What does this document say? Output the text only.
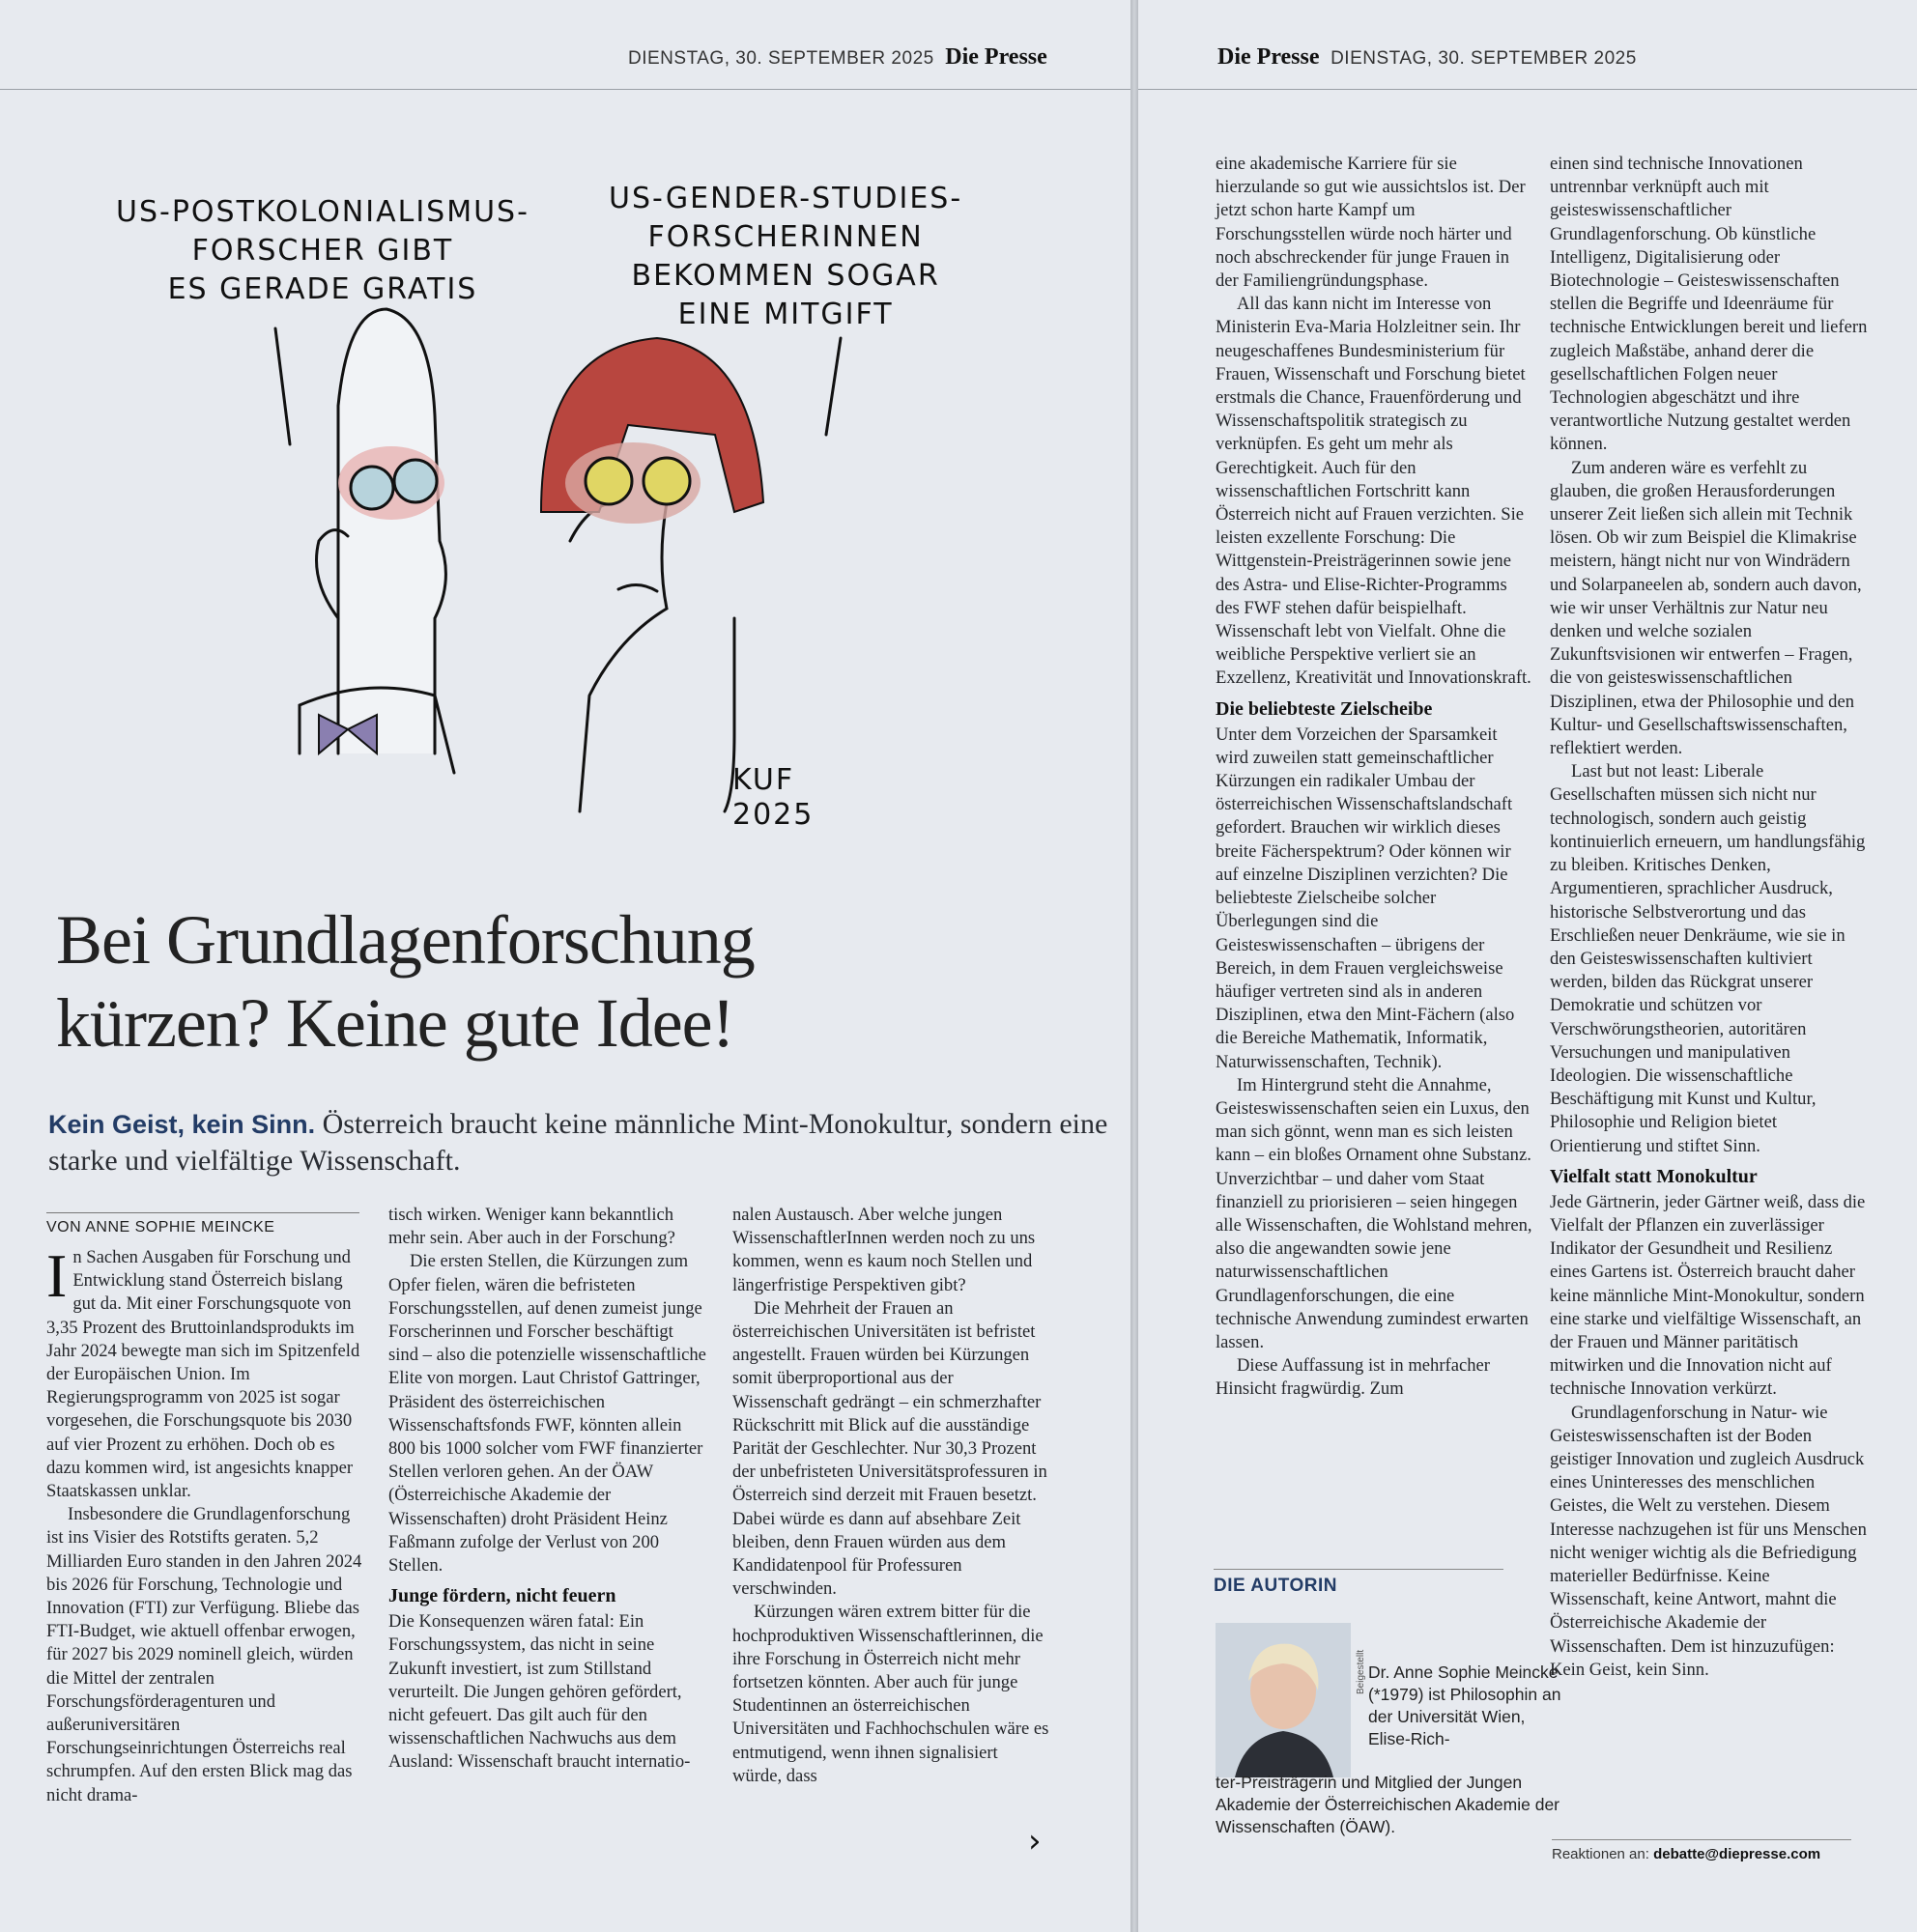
DIENSTAG, 30. SEPTEMBER 2025 Die Presse
US-POSTKOLONIALISMUS-
FORSCHER GIBT
ES GERADE GRATIS
US-GENDER-STUDIES-
FORSCHERINNEN
BEKOMMEN SOGAR
EINE MITGIFT
KUF
2025
Bei Grundlagenforschung
kürzen? Keine gute Idee!
Kein Geist, kein Sinn. Österreich braucht keine männliche Mint-Monokultur, sondern eine starke und vielfältige Wissenschaft.
VON ANNE SOPHIE MEINCKE

In Sachen Ausgaben für Forschung und Entwicklung stand Österreich bislang gut da. Mit einer Forschungsquote von 3,35 Prozent des Bruttoinlandsprodukts im Jahr 2024 bewegte man sich im Spitzenfeld der Europäischen Union. Im Regierungsprogramm von 2025 ist sogar vorgesehen, die Forschungsquote bis 2030 auf vier Prozent zu erhöhen. Doch ob es dazu kommen wird, ist angesichts knapper Staatskassen unklar.

Insbesondere die Grundlagenforschung ist ins Visier des Rotstifts geraten. 5,2 Milliarden Euro standen in den Jahren 2024 bis 2026 für Forschung, Technologie und Innovation (FTI) zur Verfügung. Bliebe das FTI-Budget, wie aktuell offenbar erwogen, für 2027 bis 2029 nominell gleich, würden die Mittel der zentralen Forschungsförderagenturen und außeruniversitären Forschungseinrichtungen Österreichs real schrumpfen. Auf den ersten Blick mag das nicht drama-

tisch wirken. Weniger kann bekanntlich mehr sein. Aber auch in der Forschung?

Die ersten Stellen, die Kürzungen zum Opfer fielen, wären die befristeten Forschungsstellen, auf denen zumeist junge Forscherinnen und Forscher beschäftigt sind – also die potenzielle wissenschaftliche Elite von morgen. Laut Christof Gattringer, Präsident des österreichischen Wissenschaftsfonds FWF, könnten allein 800 bis 1000 solcher vom FWF finanzierter Stellen verloren gehen. An der ÖAW (Österreichische Akademie der Wissenschaften) droht Präsident Heinz Faßmann zufolge der Verlust von 200 Stellen.

Junge fördern, nicht feuern

Die Konsequenzen wären fatal: Ein Forschungssystem, das nicht in seine Zukunft investiert, ist zum Stillstand verurteilt. Die Jungen gehören gefördert, nicht gefeuert. Das gilt auch für den wissenschaftlichen Nachwuchs aus dem Ausland: Wissenschaft braucht internatio-

nalen Austausch. Aber welche jungen WissenschaftlerInnen werden noch zu uns kommen, wenn es kaum noch Stellen und längerfristige Perspektiven gibt?

Die Mehrheit der Frauen an österreichischen Universitäten ist befristet angestellt. Frauen würden bei Kürzungen somit überproportional aus der Wissenschaft gedrängt – ein schmerzhafter Rückschritt mit Blick auf die ausständige Parität der Geschlechter. Nur 30,3 Prozent der unbefristeten Universitätsprofessuren in Österreich sind derzeit mit Frauen besetzt. Dabei würde es dann auf absehbare Zeit bleiben, denn Frauen würden aus dem Kandidatenpool für Professuren verschwinden.

Kürzungen wären extrem bitter für die hochproduktiven Wissenschaftlerinnen, die ihre Forschung in Österreich nicht mehr fortsetzen könnten. Aber auch für junge Studentinnen an österreichischen Universitäten und Fachhochschulen wäre es entmutigend, wenn ihnen signalisiert würde, dass

›
Die Presse DIENSTAG, 30. SEPTEMBER 2025

eine akademische Karriere für sie hierzulande so gut wie aussichtslos ist. Der jetzt schon harte Kampf um Forschungsstellen würde noch härter und noch abschreckender für junge Frauen in der Familiengründungsphase.

All das kann nicht im Interesse von Ministerin Eva-Maria Holzleitner sein. Ihr neugeschaffenes Bundesministerium für Frauen, Wissenschaft und Forschung bietet erstmals die Chance, Frauenförderung und Wissenschaftspolitik strategisch zu verknüpfen. Es geht um mehr als Gerechtigkeit. Auch für den wissenschaftlichen Fortschritt kann Österreich nicht auf Frauen verzichten. Sie leisten exzellente Forschung: Die Wittgenstein-Preisträgerinnen sowie jene des Astra- und Elise-Richter-Programms des FWF stehen dafür beispielhaft. Wissenschaft lebt von Vielfalt. Ohne die weibliche Perspektive verliert sie an Exzellenz, Kreativität und Innovationskraft.

Die beliebteste Zielscheibe

Unter dem Vorzeichen der Sparsamkeit wird zuweilen statt gemeinschaftlicher Kürzungen ein radikaler Umbau der österreichischen Wissenschaftslandschaft gefordert. Brauchen wir wirklich dieses breite Fächerspektrum? Oder können wir auf einzelne Disziplinen verzichten? Die beliebteste Zielscheibe solcher Überlegungen sind die Geisteswissenschaften – übrigens der Bereich, in dem Frauen vergleichsweise häufiger vertreten sind als in anderen Disziplinen, etwa den Mint-Fächern (also die Bereiche Mathematik, Informatik, Naturwissenschaften, Technik).

Im Hintergrund steht die Annahme, Geisteswissenschaften seien ein Luxus, den man sich gönnt, wenn man es sich leisten kann – ein bloßes Ornament ohne Substanz. Unverzichtbar – und daher vom Staat finanziell zu priorisieren – seien hingegen alle Wissenschaften, die Wohlstand mehren, also die angewandten sowie jene naturwissenschaftlichen Grundlagenforschungen, die eine technische Anwendung zumindest erwarten lassen.

Diese Auffassung ist in mehrfacher Hinsicht fragwürdig. Zum

einen sind technische Innovationen untrennbar verknüpft auch mit geisteswissenschaftlicher Grundlagenforschung. Ob künstliche Intelligenz, Digitalisierung oder Biotechnologie – Geisteswissenschaften stellen die Begriffe und Ideenräume für technische Entwicklungen bereit und liefern zugleich Maßstäbe, anhand derer die gesellschaftlichen Folgen neuer Technologien abgeschätzt und ihre verantwortliche Nutzung gestaltet werden können.

Zum anderen wäre es verfehlt zu glauben, die großen Herausforderungen unserer Zeit ließen sich allein mit Technik lösen. Ob wir zum Beispiel die Klimakrise meistern, hängt nicht nur von Windrädern und Solarpaneelen ab, sondern auch davon, wie wir unser Verhältnis zur Natur neu denken und welche sozialen Zukunftsvisionen wir entwerfen – Fragen, die von geisteswissenschaftlichen Disziplinen, etwa der Philosophie und den Kultur- und Gesellschaftswissenschaften, reflektiert werden.

Last but not least: Liberale Gesellschaften müssen sich nicht nur technologisch, sondern auch geistig kontinuierlich erneuern, um handlungsfähig zu bleiben. Kritisches Denken, Argumentieren, sprachlicher Ausdruck, historische Selbstverortung und das Erschließen neuer Denkräume, wie sie in den Geisteswissenschaften kultiviert werden, bilden das Rückgrat unserer Demokratie und schützen vor Verschwörungstheorien, autoritären Versuchungen und manipulativen Ideologien. Die wissenschaftliche Beschäftigung mit Kunst und Kultur, Philosophie und Religion bietet Orientierung und stiftet Sinn.

Vielfalt statt Monokultur

Jede Gärtnerin, jeder Gärtner weiß, dass die Vielfalt der Pflanzen ein zuverlässiger Indikator der Gesundheit und Resilienz eines Gartens ist. Österreich braucht daher keine männliche Mint-Monokultur, sondern eine starke und vielfältige Wissenschaft, an der Frauen und Männer paritätisch mitwirken und die Innovation nicht auf technische Innovation verkürzt.

Grundlagenforschung in Natur- wie Geisteswissenschaften ist der Boden geistiger Innovation und zugleich Ausdruck eines Uninteresses des menschlichen Geistes, die Welt zu verstehen. Diesem Interesse nachzugehen ist für uns Menschen nicht weniger wichtig als die Befriedigung materieller Bedürfnisse. Keine Wissenschaft, keine Antwort, mahnt die Österreichische Akademie der Wissenschaften. Dem ist hinzuzufügen: Kein Geist, kein Sinn.

DIE AUTORIN
Beigestellt Dr. Anne Sophie Meincke (*1979) ist Philosophin an der Universität Wien, Elise-Rich-
ter-Preisträgerin und Mitglied der Jungen Akademie der Österreichischen Akademie der Wissenschaften (ÖAW).
Reaktionen an: debatte@diepresse.com
